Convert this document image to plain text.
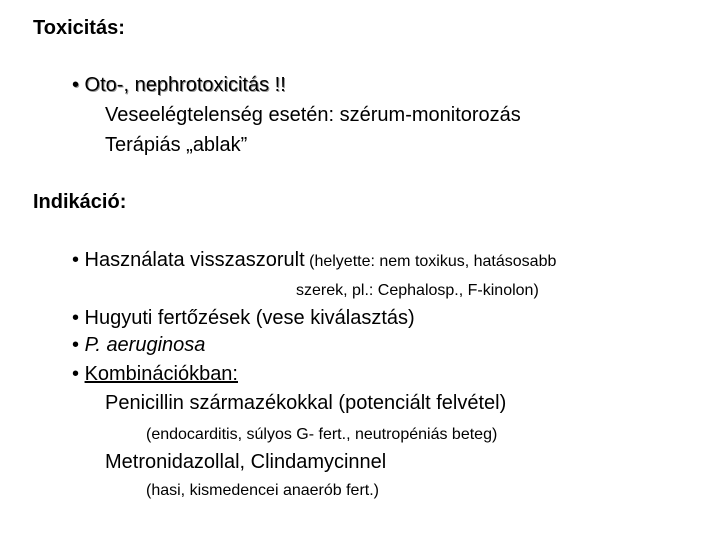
Toxicitás:
• Oto-, nephrotoxicitás !!
Veseelégtelenség esetén: szérum-monitorozás
Terápiás „ablak”
Indikáció:
• Használata visszaszorult (helyette: nem toxikus, hatásosabb
szerek, pl.: Cephalosp., F-kinolon)
• Hugyuti fertőzések (vese kiválasztás)
• P. aeruginosa
• Kombinációkban:
Penicillin származékokkal (potenciált felvétel)
(endocarditis, súlyos G- fert., neutropéniás beteg)
Metronidazollal, Clindamycinnel
(hasi, kismedencei anaerób fert.)
